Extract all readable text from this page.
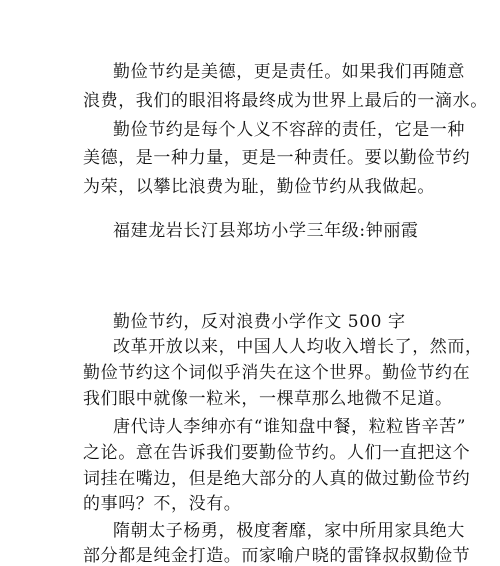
勤俭节约是美德，更是责任。如果我们再随意
浪费，我们的眼泪将最终成为世界上最后的一滴水。
勤俭节约是每个人义不容辞的责任，它是一种
美德，是一种力量，更是一种责任。要以勤俭节约
为荣，以攀比浪费为耻，勤俭节约从我做起。
福建龙岩长汀县郑坊小学三年级:钟丽霞
勤俭节约，反对浪费小学作文 500 字
改革开放以来，中国人人均收入增长了，然而，
勤俭节约这个词似乎消失在这个世界。勤俭节约在
我们眼中就像一粒米，一棵草那么地微不足道。
唐代诗人李绅亦有“谁知盘中餐，粒粒皆辛苦”
之论。意在告诉我们要勤俭节约。人们一直把这个
词挂在嘴边，但是绝大部分的人真的做过勤俭节约
的事吗？不，没有。
隋朝太子杨勇，极度奢靡，家中所用家具绝大
部分都是纯金打造。而家喻户晓的雷锋叔叔勤俭节
